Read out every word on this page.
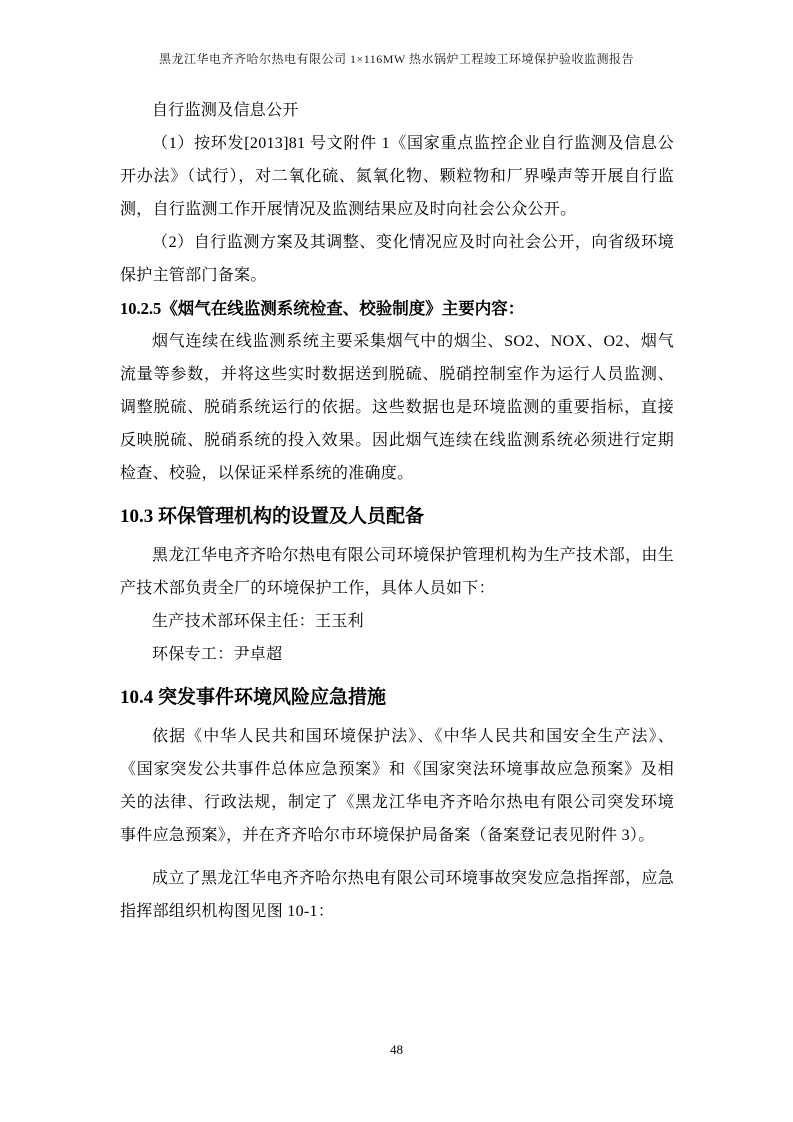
黑龙江华电齐齐哈尔热电有限公司 1×116MW 热水锅炉工程竣工环境保护验收监测报告

自行监测及信息公开

（1）按环发[2013]81 号文附件 1《国家重点监控企业自行监测及信息公开办法》（试行），对二氧化硫、氮氧化物、颗粒物和厂界噪声等开展自行监测，自行监测工作开展情况及监测结果应及时向社会公众公开。

（2）自行监测方案及其调整、变化情况应及时向社会公开，向省级环境保护主管部门备案。

10.2.5《烟气在线监测系统检查、校验制度》主要内容：

烟气连续在线监测系统主要采集烟气中的烟尘、SO2、NOX、O2、烟气流量等参数，并将这些实时数据送到脱硫、脱硝控制室作为运行人员监测、调整脱硫、脱硝系统运行的依据。这些数据也是环境监测的重要指标，直接反映脱硫、脱硝系统的投入效果。因此烟气连续在线监测系统必须进行定期检查、校验，以保证采样系统的准确度。

10.3 环保管理机构的设置及人员配备

黑龙江华电齐齐哈尔热电有限公司环境保护管理机构为生产技术部，由生产技术部负责全厂的环境保护工作，具体人员如下：

生产技术部环保主任：王玉利

环保专工：尹卓超

10.4 突发事件环境风险应急措施

依据《中华人民共和国环境保护法》、《中华人民共和国安全生产法》、《国家突发公共事件总体应急预案》和《国家突法环境事故应急预案》及相关的法律、行政法规，制定了《黑龙江华电齐齐哈尔热电有限公司突发环境事件应急预案》，并在齐齐哈尔市环境保护局备案（备案登记表见附件 3）。

成立了黑龙江华电齐齐哈尔热电有限公司环境事故突发应急指挥部，应急指挥部组织机构图见图 10-1：

48
